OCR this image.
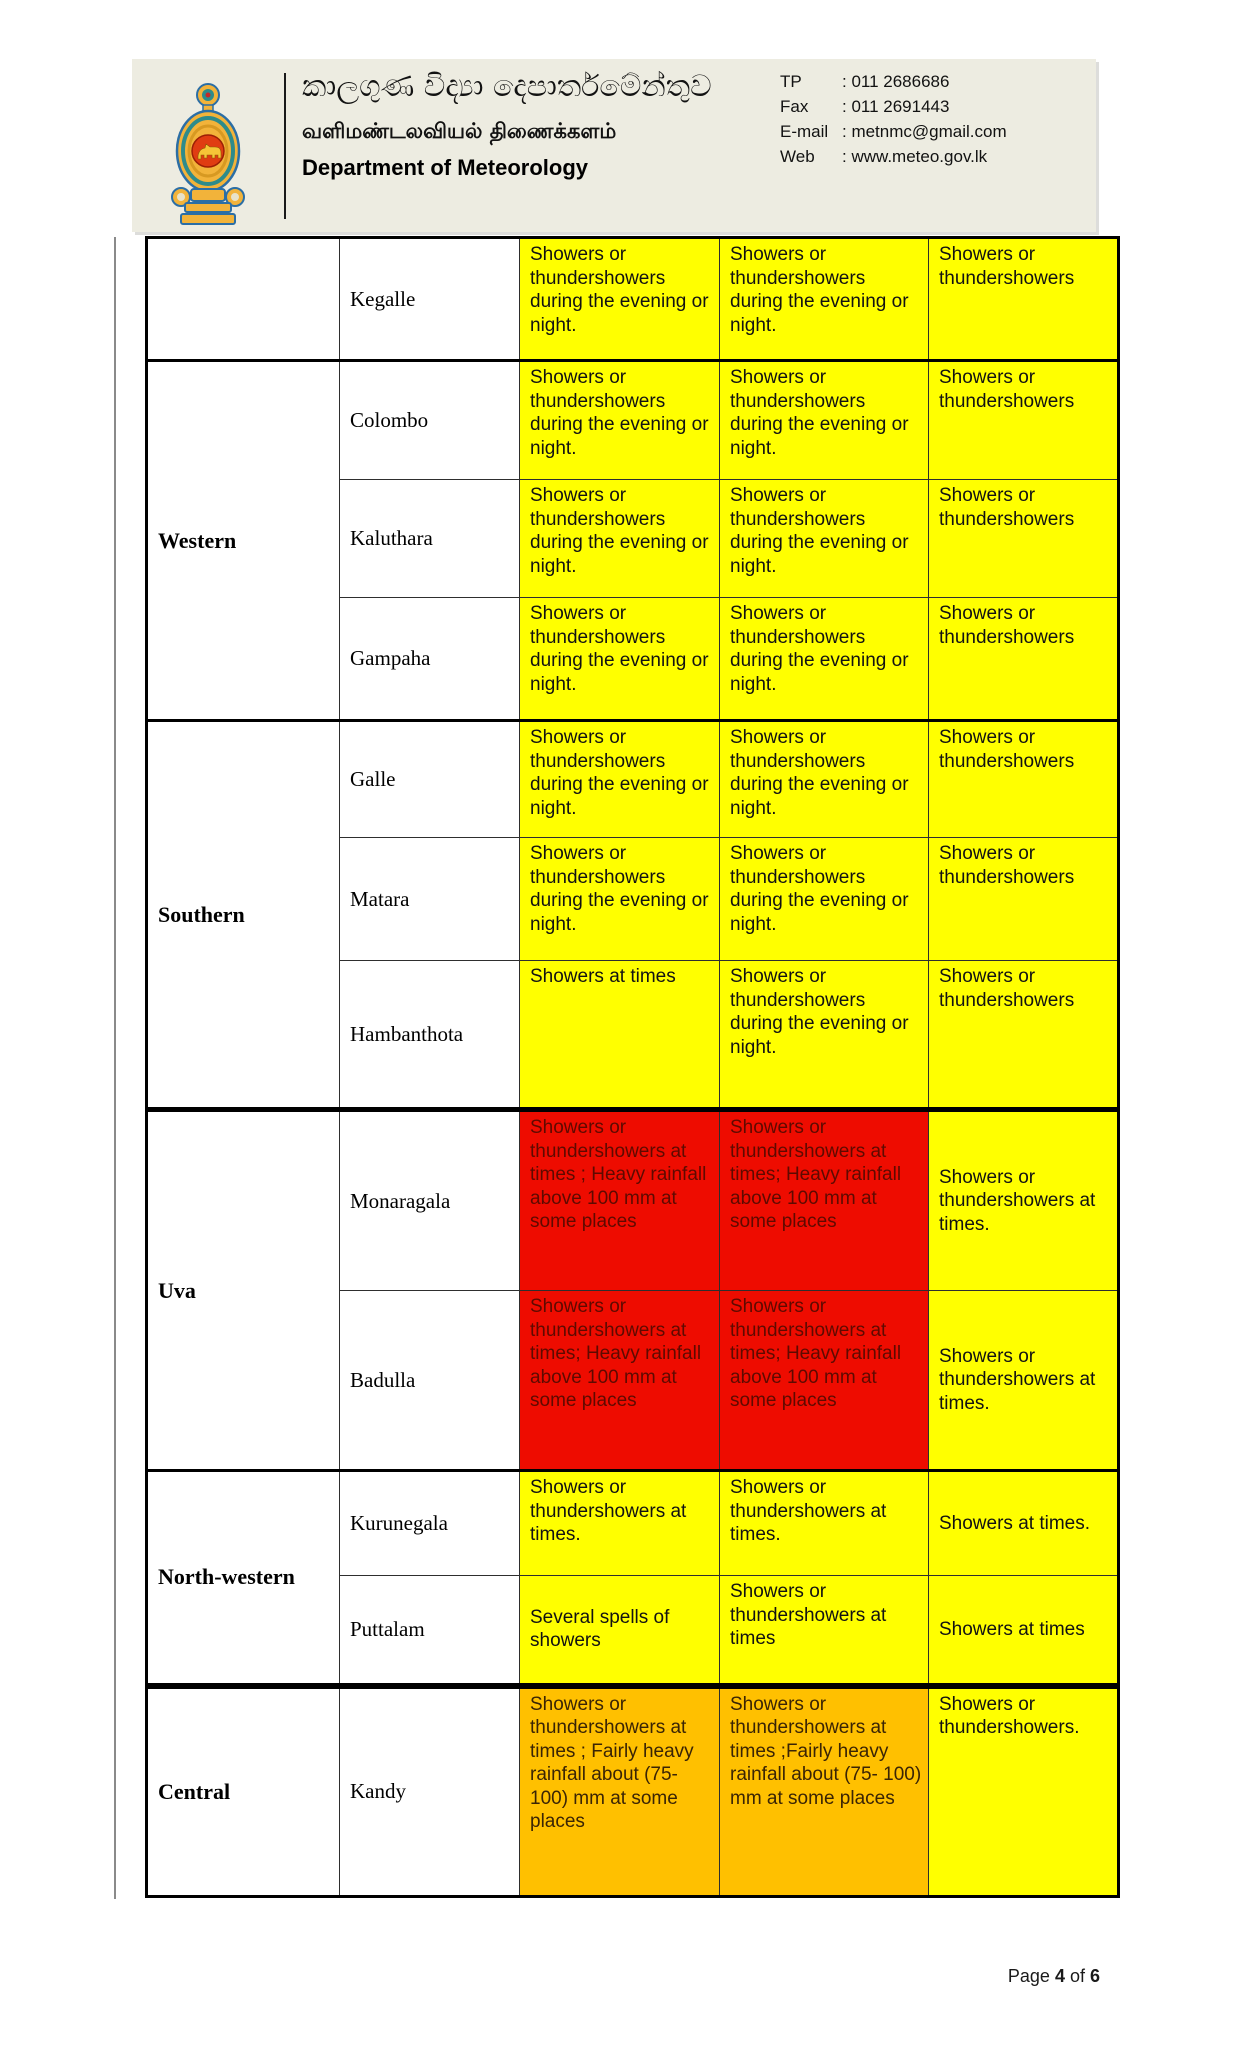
කාලගුණ විද්‍යා දෙපාර්තමේන්තුව
வளிமண்டலவியல் திணைக்களம்
Department of Meteorology
TP	: 011 2686686
Fax	: 011 2691443
E-mail : metnmc@gmail.com
Web	: www.meteo.gov.lk
	Kegalle	Showers or thundershowers during the evening or night.	Showers or thundershowers during the evening or night.	Showers or thundershowers
Western	Colombo	Showers or thundershowers during the evening or night.	Showers or thundershowers during the evening or night.	Showers or thundershowers
	Kaluthara	Showers or thundershowers during the evening or night.	Showers or thundershowers during the evening or night.	Showers or thundershowers
	Gampaha	Showers or thundershowers during the evening or night.	Showers or thundershowers during the evening or night.	Showers or thundershowers
Southern	Galle	Showers or thundershowers during the evening or night.	Showers or thundershowers during the evening or night.	Showers or thundershowers
	Matara	Showers or thundershowers during the evening or night.	Showers or thundershowers during the evening or night.	Showers or thundershowers
	Hambanthota	Showers at times	Showers or thundershowers during the evening or night.	Showers or thundershowers
Uva	Monaragala	Showers or thundershowers at times ; Heavy rainfall above 100 mm at some places	Showers or thundershowers at times; Heavy rainfall above 100 mm at some places	Showers or thundershowers at times.
	Badulla	Showers or thundershowers at times; Heavy rainfall above 100 mm at some places	Showers or thundershowers at times; Heavy rainfall above 100 mm at some places	Showers or thundershowers at times.
North-western	Kurunegala	Showers or thundershowers at times.	Showers or thundershowers at times.	Showers at times.
	Puttalam	Several spells of showers	Showers or thundershowers at times	Showers at times
Central	Kandy	Showers or thundershowers at times ; Fairly heavy rainfall about (75- 100) mm at some places	Showers or thundershowers at times ;Fairly heavy rainfall about (75- 100) mm at some places	Showers or thundershowers.
Page 4 of 6
